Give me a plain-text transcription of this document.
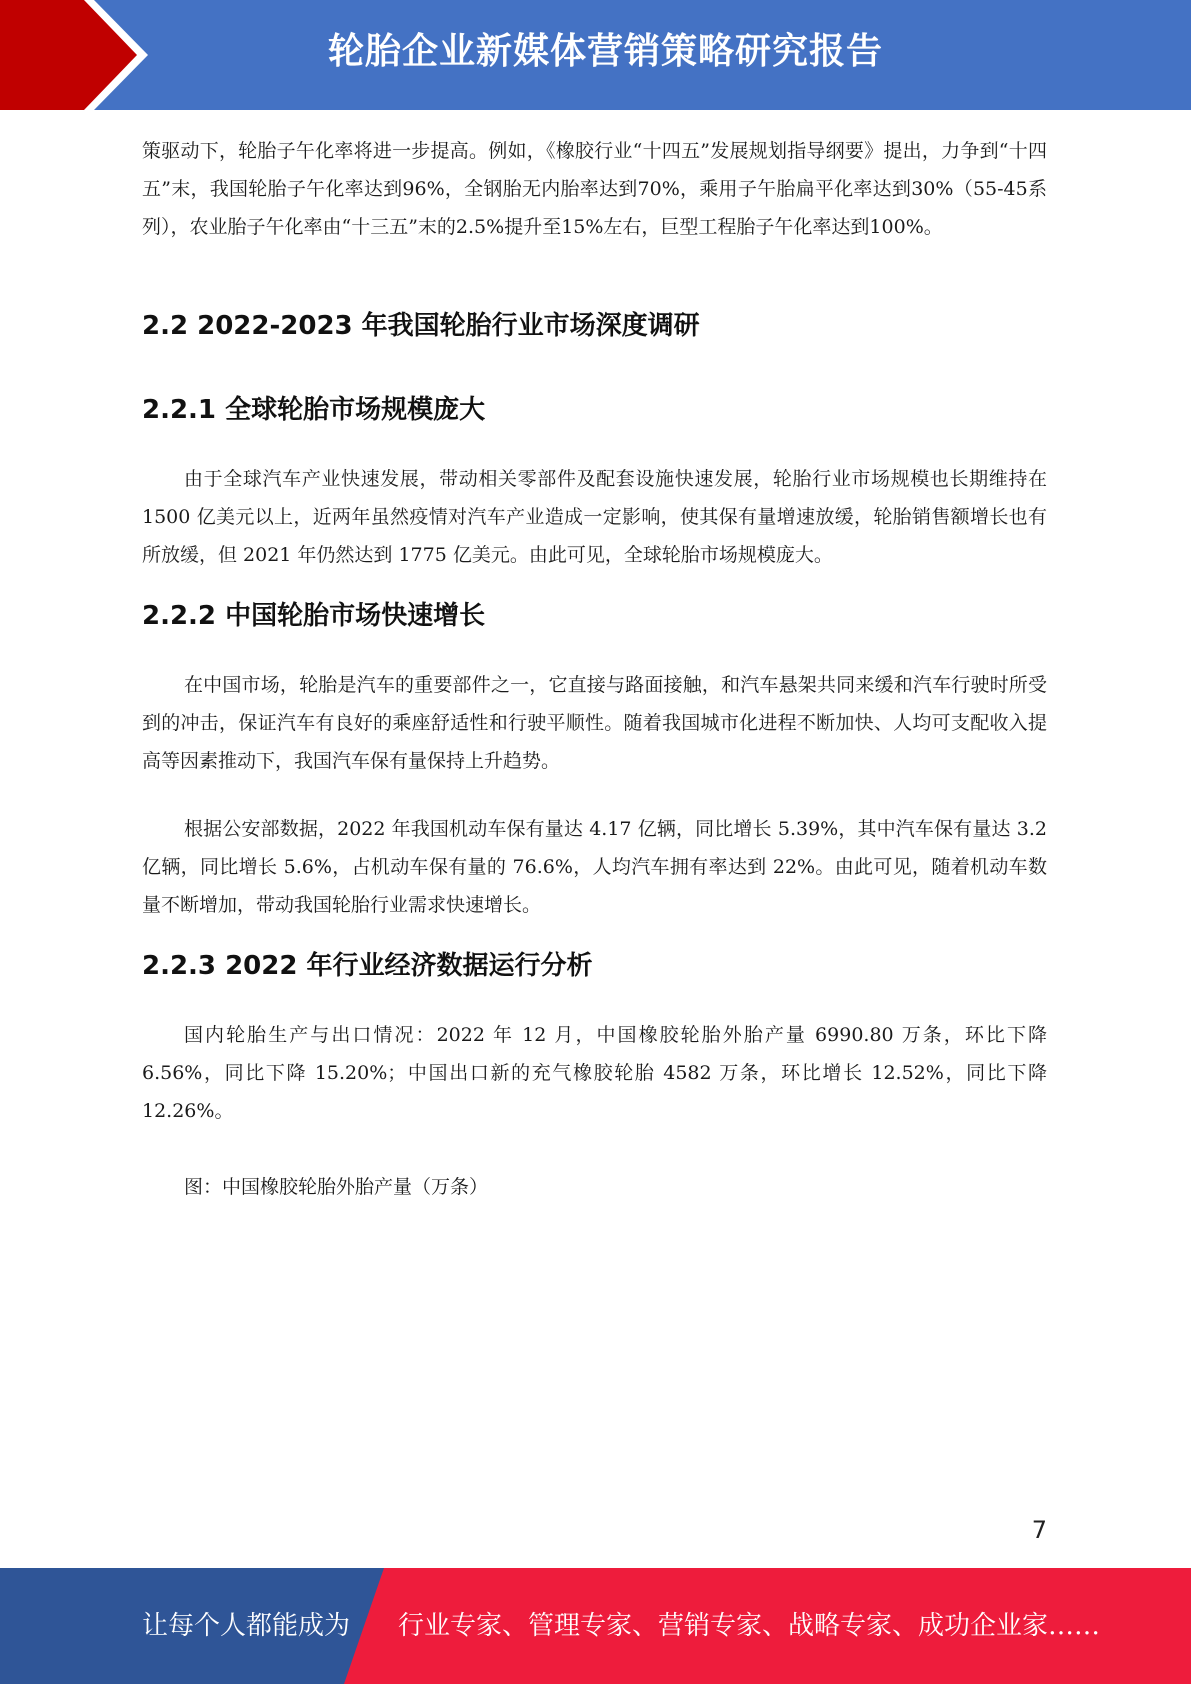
轮胎企业新媒体营销策略研究报告

策驱动下，轮胎子午化率将进一步提高。例如，《橡胶行业“十四五”发展规划指导纲要》提出，力争到“十四五”末，我国轮胎子午化率达到96%，全钢胎无内胎率达到70%，乘用子午胎扁平化率达到30%（55-45系列），农业胎子午化率由“十三五”末的2.5%提升至15%左右，巨型工程胎子午化率达到100%。

2.2 2022-2023 年我国轮胎行业市场深度调研
2.2.1 全球轮胎市场规模庞大

由于全球汽车产业快速发展，带动相关零部件及配套设施快速发展，轮胎行业市场规模也长期维持在 1500 亿美元以上，近两年虽然疫情对汽车产业造成一定影响，使其保有量增速放缓，轮胎销售额增长也有所放缓，但 2021 年仍然达到 1775 亿美元。由此可见，全球轮胎市场规模庞大。

2.2.2 中国轮胎市场快速增长

在中国市场，轮胎是汽车的重要部件之一，它直接与路面接触，和汽车悬架共同来缓和汽车行驶时所受到的冲击，保证汽车有良好的乘座舒适性和行驶平顺性。随着我国城市化进程不断加快、人均可支配收入提高等因素推动下，我国汽车保有量保持上升趋势。

根据公安部数据，2022 年我国机动车保有量达 4.17 亿辆，同比增长 5.39%，其中汽车保有量达 3.2 亿辆，同比增长 5.6%，占机动车保有量的 76.6%，人均汽车拥有率达到 22%。由此可见，随着机动车数量不断增加，带动我国轮胎行业需求快速增长。

2.2.3 2022 年行业经济数据运行分析

国内轮胎生产与出口情况：2022 年 12 月，中国橡胶轮胎外胎产量 6990.80 万条，环比下降 6.56%，同比下降 15.20%；中国出口新的充气橡胶轮胎 4582 万条，环比增长 12.52%，同比下降 12.26%。

图：中国橡胶轮胎外胎产量（万条）

7
让每个人都能成为 行业专家、管理专家、营销专家、战略专家、成功企业家……
